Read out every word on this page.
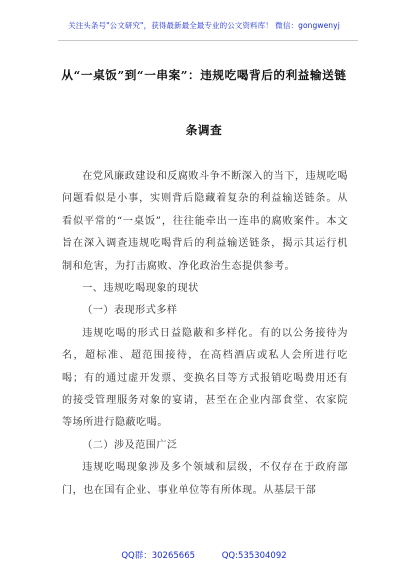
关注头条号"公文研究"，获得最新最全最专业的公文资料库！ 微信：gongwenyj
从“一桌饭”到“一串案”：违规吃喝背后的利益输送链
条调查

在党风廉政建设和反腐败斗争不断深入的当下，违规吃喝问题看似是小事，实则背后隐藏着复杂的利益输送链条。从看似平常的“一桌饭”，往往能牵出一连串的腐败案件。本文旨在深入调查违规吃喝背后的利益输送链条，揭示其运行机制和危害，为打击腐败、净化政治生态提供参考。

一、违规吃喝现象的现状

（一）表现形式多样

违规吃喝的形式日益隐蔽和多样化。有的以公务接待为名，超标准、超范围接待，在高档酒店或私人会所进行吃喝；有的通过虚开发票、变换名目等方式报销吃喝费用还有的接受管理服务对象的宴请，甚至在企业内部食堂、农家院等场所进行隐蔽吃喝。

（二）涉及范围广泛

违规吃喝现象涉及多个领域和层级，不仅存在于政府部门，也在国有企业、事业单位等有所体现。从基层干部

QQ群：30265665	QQ:535304092
